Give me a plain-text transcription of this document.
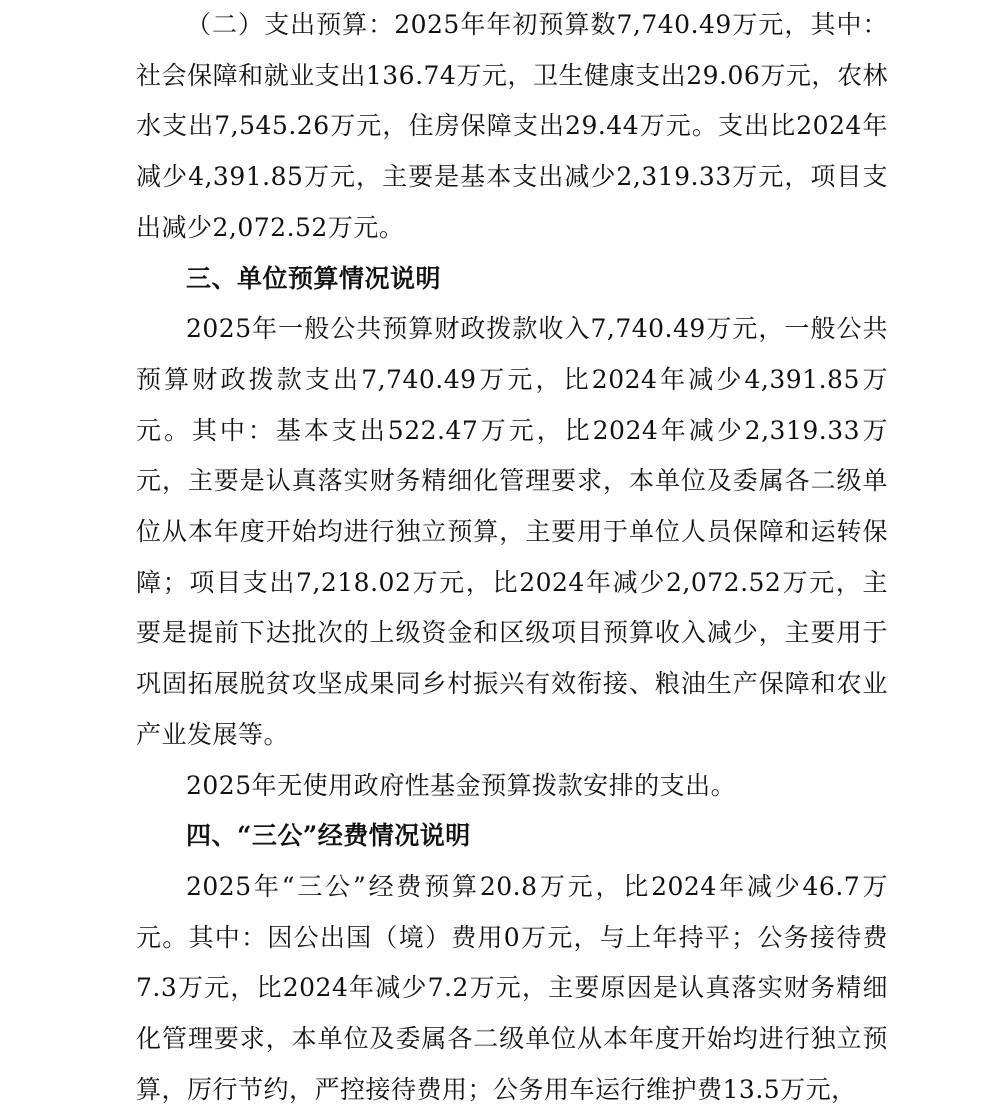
（二）支出预算：2025年年初预算数7,740.49万元，其中：社会保障和就业支出136.74万元，卫生健康支出29.06万元，农林水支出7,545.26万元，住房保障支出29.44万元。支出比2024年减少4,391.85万元，主要是基本支出减少2,319.33万元，项目支出减少2,072.52万元。

三、单位预算情况说明

2025年一般公共预算财政拨款收入7,740.49万元，一般公共预算财政拨款支出7,740.49万元，比2024年减少4,391.85万元。其中：基本支出522.47万元，比2024年减少2,319.33万元，主要是认真落实财务精细化管理要求，本单位及委属各二级单位从本年度开始均进行独立预算，主要用于单位人员保障和运转保障；项目支出7,218.02万元，比2024年减少2,072.52万元，主要是提前下达批次的上级资金和区级项目预算收入减少，主要用于巩固拓展脱贫攻坚成果同乡村振兴有效衔接、粮油生产保障和农业产业发展等。

2025年无使用政府性基金预算拨款安排的支出。

四、“三公”经费情况说明

2025年“三公”经费预算20.8万元，比2024年减少46.7万元。其中：因公出国（境）费用0万元，与上年持平；公务接待费7.3万元，比2024年减少7.2万元，主要原因是认真落实财务精细化管理要求，本单位及委属各二级单位从本年度开始均进行独立预算，厉行节约，严控接待费用；公务用车运行维护费13.5万元，
